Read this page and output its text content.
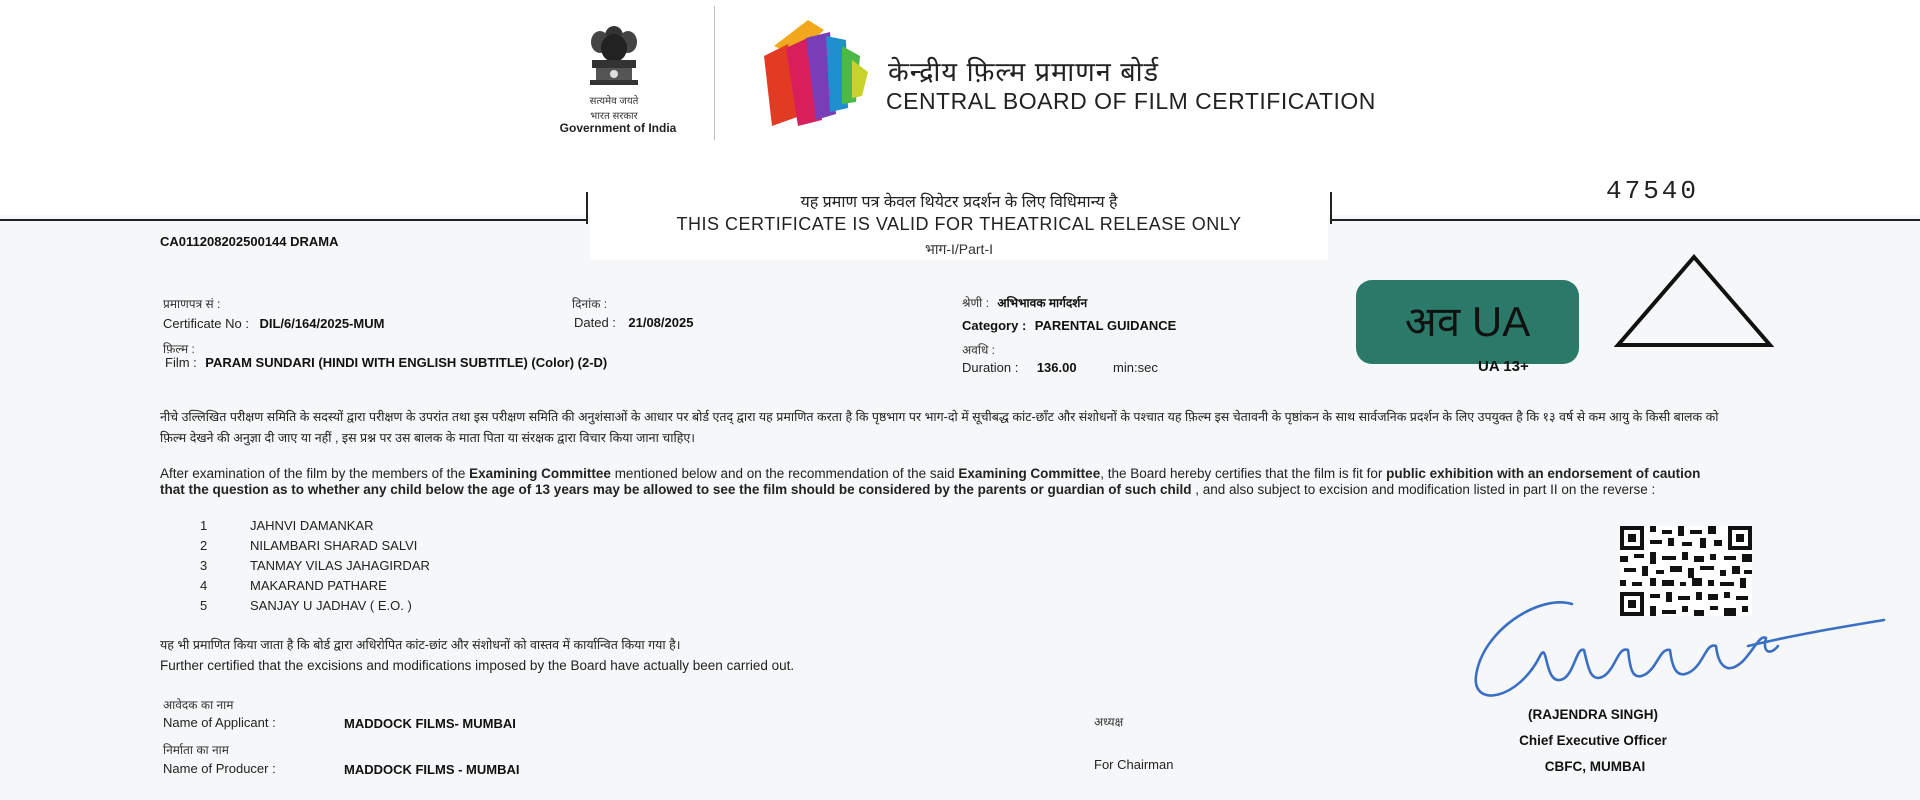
सत्यमेव जयते
भारत सरकार
Government of India
केन्द्रीय फ़िल्म प्रमाणन बोर्ड
CENTRAL BOARD OF FILM CERTIFICATION
यह प्रमाण पत्र केवल थियेटर प्रदर्शन के लिए विधिमान्य है
THIS CERTIFICATE IS VALID FOR THEATRICAL RELEASE ONLY
भाग-I/Part-I
47540
CA011208202500144 DRAMA
प्रमाणपत्र सं :
Certificate No : DIL/6/164/2025-MUM
दिनांक :
Dated : 21/08/2025
श्रेणी : अभिभावक मार्गदर्शन
Category : PARENTAL GUIDANCE
फ़िल्म :
Film : PARAM SUNDARI (HINDI WITH ENGLISH SUBTITLE) (Color) (2-D)
अवधि :
Duration : 136.00	min:sec
अव UA
UA 13+
नीचे उल्लिखित परीक्षण समिति के सदस्यों द्वारा परीक्षण के उपरांत तथा इस परीक्षण समिति की अनुशंसाओं के आधार पर बोर्ड एतद् द्वारा यह प्रमाणित करता है कि पृष्ठभाग पर भाग-दो में सूचीबद्ध कांट-छाँट और संशोधनों के पश्चात यह फ़िल्म इस चेतावनी के पृष्ठांकन के साथ सार्वजनिक प्रदर्शन के लिए उपयुक्त है कि १३ वर्ष से कम आयु के किसी बालक को फ़िल्म देखने की अनुज्ञा दी जाए या नहीं , इस प्रश्न पर उस बालक के माता पिता या संरक्षक द्वारा विचार किया जाना चाहिए।
After examination of the film by the members of the Examining Committee mentioned below and on the recommendation of the said Examining Committee, the Board hereby certifies that the film is fit for public exhibition with an endorsement of caution that the question as to whether any child below the age of 13 years may be allowed to see the film should be considered by the parents or guardian of such child , and also subject to excision and modification listed in part II on the reverse :
1	JAHNVI DAMANKAR
2	NILAMBARI SHARAD SALVI
3	TANMAY VILAS JAHAGIRDAR
4	MAKARAND PATHARE
5	SANJAY U JADHAV ( E.O. )
यह भी प्रमाणित किया जाता है कि बोर्ड द्वारा अधिरोपित कांट-छांट और संशोधनों को वास्तव में कार्यान्वित किया गया है।
Further certified that the excisions and modifications imposed by the Board have actually been carried out.
आवेदक का नाम
Name of Applicant :	MADDOCK FILMS- MUMBAI
निर्माता का नाम
Name of Producer :	MADDOCK FILMS - MUMBAI
अध्यक्ष
For Chairman
(RAJENDRA SINGH)
Chief Executive Officer
CBFC, MUMBAI
